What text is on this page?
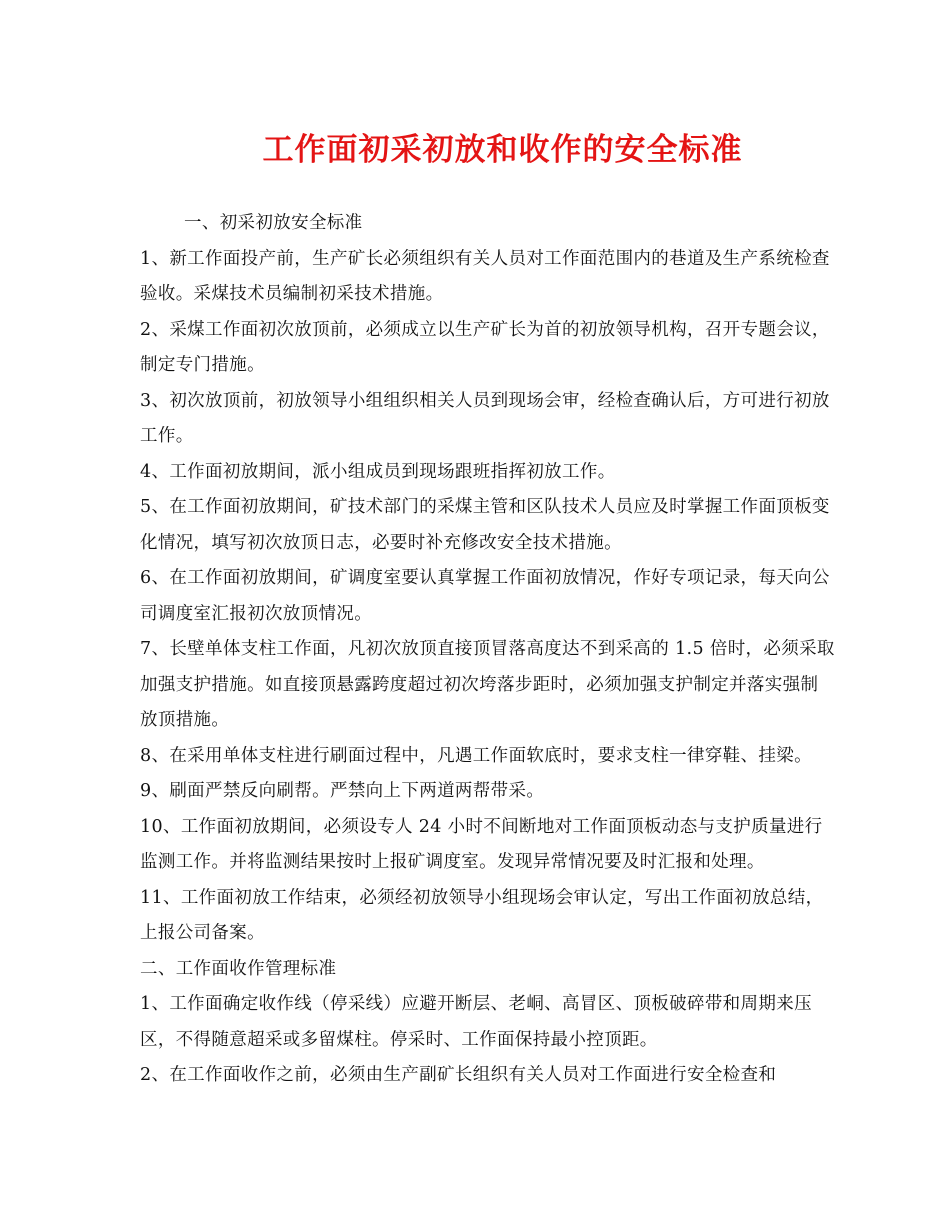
工作面初采初放和收作的安全标准

一、初采初放安全标准

1、新工作面投产前，生产矿长必须组织有关人员对工作面范围内的巷道及生产系统检查验收。采煤技术员编制初采技术措施。

2、采煤工作面初次放顶前，必须成立以生产矿长为首的初放领导机构，召开专题会议，制定专门措施。

3、初次放顶前，初放领导小组组织相关人员到现场会审，经检查确认后，方可进行初放工作。

4、工作面初放期间，派小组成员到现场跟班指挥初放工作。

5、在工作面初放期间，矿技术部门的采煤主管和区队技术人员应及时掌握工作面顶板变化情况，填写初次放顶日志，必要时补充修改安全技术措施。

6、在工作面初放期间，矿调度室要认真掌握工作面初放情况，作好专项记录，每天向公司调度室汇报初次放顶情况。

7、长壁单体支柱工作面，凡初次放顶直接顶冒落高度达不到采高的 1.5 倍时，必须采取加强支护措施。如直接顶悬露跨度超过初次垮落步距时，必须加强支护制定并落实强制放顶措施。

8、在采用单体支柱进行刷面过程中，凡遇工作面软底时，要求支柱一律穿鞋、挂梁。

9、刷面严禁反向刷帮。严禁向上下两道两帮带采。

10、工作面初放期间，必须设专人 24 小时不间断地对工作面顶板动态与支护质量进行监测工作。并将监测结果按时上报矿调度室。发现异常情况要及时汇报和处理。

11、工作面初放工作结束，必须经初放领导小组现场会审认定，写出工作面初放总结，上报公司备案。

二、工作面收作管理标准

1、工作面确定收作线（停采线）应避开断层、老峒、高冒区、顶板破碎带和周期来压区，不得随意超采或多留煤柱。停采时、工作面保持最小控顶距。

2、在工作面收作之前，必须由生产副矿长组织有关人员对工作面进行安全检查和
